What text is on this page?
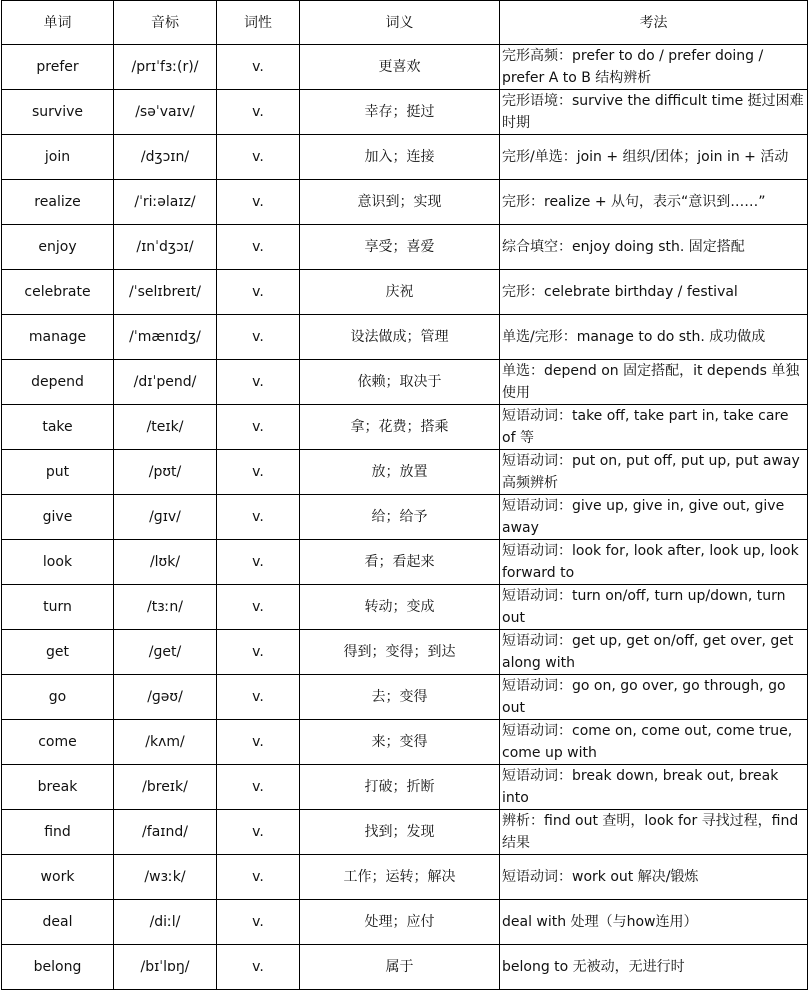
单词	音标	词性	词义	考法
prefer	/prɪˈfɜː(r)/	v.	更喜欢	完形高频：prefer to do / prefer doing / prefer A to B 结构辨析
survive	/səˈvaɪv/	v.	幸存；挺过	完形语境：survive the difficult time 挺过困难时期
join	/dʒɔɪn/	v.	加入；连接	完形/单选：join + 组织/团体；join in + 活动
realize	/ˈriːəlaɪz/	v.	意识到；实现	完形：realize + 从句，表示“意识到……”
enjoy	/ɪnˈdʒɔɪ/	v.	享受；喜爱	综合填空：enjoy doing sth. 固定搭配
celebrate	/ˈselɪbreɪt/	v.	庆祝	完形：celebrate birthday / festival
manage	/ˈmænɪdʒ/	v.	设法做成；管理	单选/完形：manage to do sth. 成功做成
depend	/dɪˈpend/	v.	依赖；取决于	单选：depend on 固定搭配，it depends 单独使用
take	/teɪk/	v.	拿；花费；搭乘	短语动词：take off, take part in, take care of 等
put	/pʊt/	v.	放；放置	短语动词：put on, put off, put up, put away 高频辨析
give	/ɡɪv/	v.	给；给予	短语动词：give up, give in, give out, give away
look	/lʊk/	v.	看；看起来	短语动词：look for, look after, look up, look forward to
turn	/tɜːn/	v.	转动；变成	短语动词：turn on/off, turn up/down, turn out
get	/ɡet/	v.	得到；变得；到达	短语动词：get up, get on/off, get over, get along with
go	/ɡəʊ/	v.	去；变得	短语动词：go on, go over, go through, go out
come	/kʌm/	v.	来；变得	短语动词：come on, come out, come true, come up with
break	/breɪk/	v.	打破；折断	短语动词：break down, break out, break into
find	/faɪnd/	v.	找到；发现	辨析：find out 查明，look for 寻找过程，find 结果
work	/wɜːk/	v.	工作；运转；解决	短语动词：work out 解决/锻炼
deal	/diːl/	v.	处理；应付	deal with 处理（与how连用）
belong	/bɪˈlɒŋ/	v.	属于	belong to 无被动，无进行时
